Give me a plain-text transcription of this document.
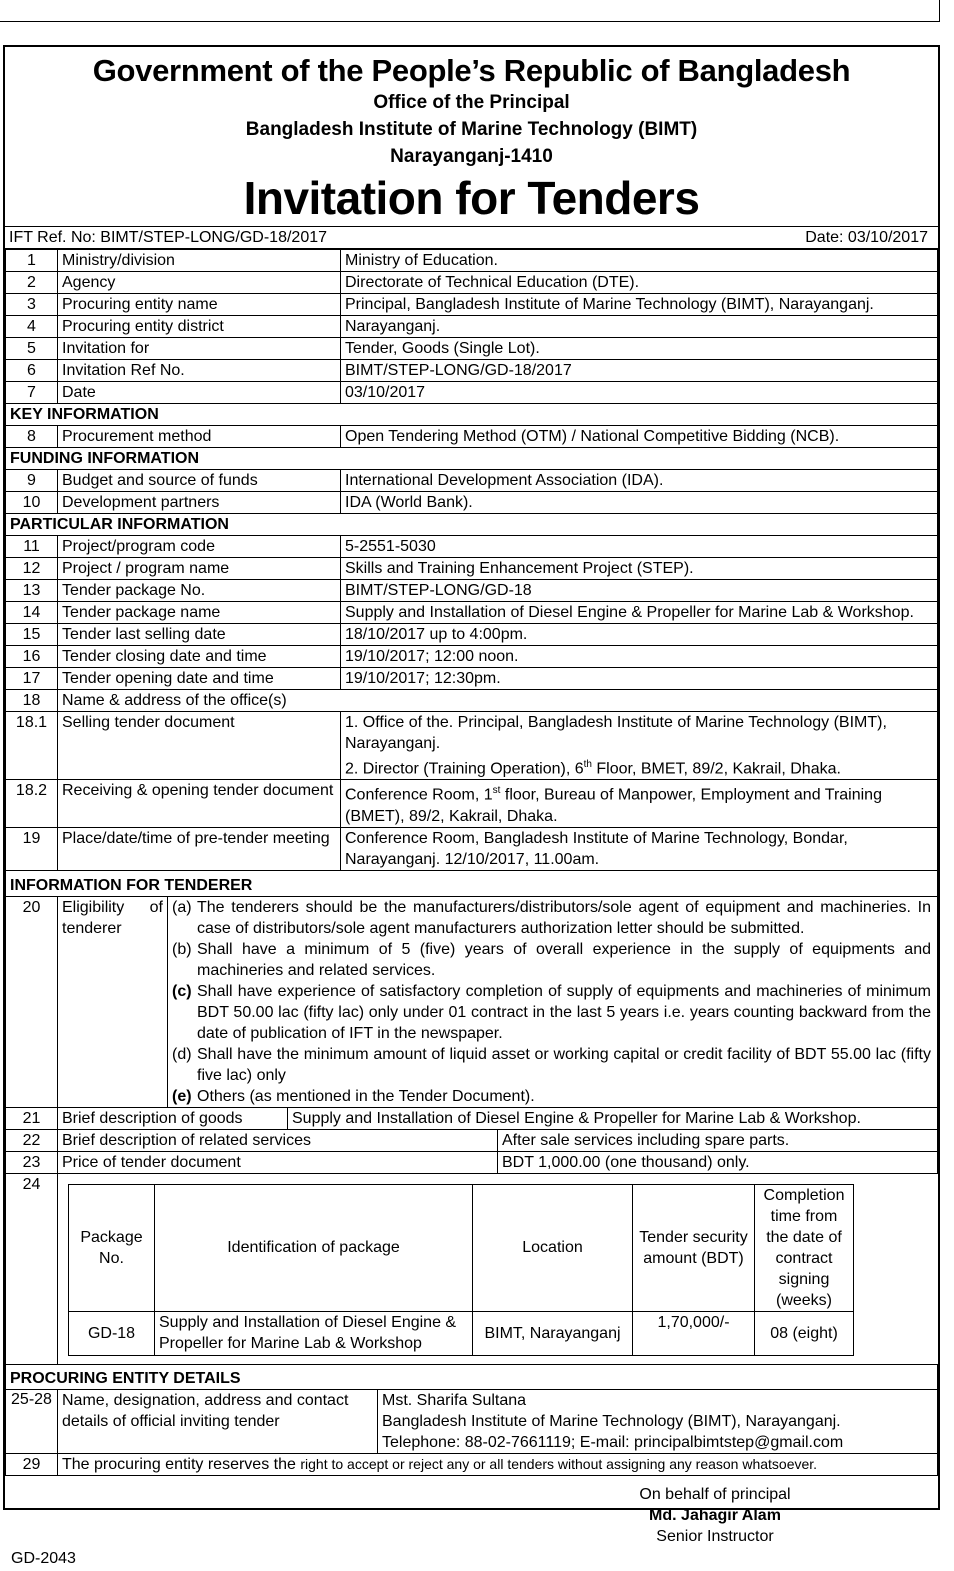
Government of the People’s Republic of Bangladesh
Office of the Principal
Bangladesh Institute of Marine Technology (BIMT)
Narayanganj-1410
Invitation for Tenders
IFT Ref. No: BIMT/STEP-LONG/GD-18/2017	Date: 03/10/2017
1	Ministry/division	Ministry of Education.
2	Agency	Directorate of Technical Education (DTE).
3	Procuring entity name	Principal, Bangladesh Institute of Marine Technology (BIMT), Narayanganj.
4	Procuring entity district	Narayanganj.
5	Invitation for	Tender, Goods (Single Lot).
6	Invitation Ref No.	BIMT/STEP-LONG/GD-18/2017
7	Date	03/10/2017
KEY INFORMATION		
8	Procurement method	Open Tendering Method (OTM) / National Competitive Bidding (NCB).
FUNDING INFORMATION		
9	Budget and source of funds	International Development Association (IDA).
10	Development partners	IDA (World Bank).
PARTICULAR INFORMATION		
11	Project/program code	5-2551-5030
12	Project / program name	Skills and Training Enhancement Project (STEP).
13	Tender package No.	BIMT/STEP-LONG/GD-18
14	Tender package name	Supply and Installation of Diesel Engine & Propeller for Marine Lab & Workshop.
15	Tender last selling date	18/10/2017 up to 4:00pm.
16	Tender closing date and time	19/10/2017; 12:00 noon.
17	Tender opening date and time	19/10/2017; 12:30pm.
18	Name & address of the office(s)	
18.1	Selling tender document	1. Office of the. Principal, Bangladesh Institute of Marine Technology (BIMT), Narayanganj.
2. Director (Training Operation), 6th Floor, BMET, 89/2, Kakrail, Dhaka.

18.2	Receiving & opening tender document	Conference Room, 1st floor, Bureau of Manpower, Employment and Training (BMET), 89/2, Kakrail, Dhaka.
19	Place/date/time of pre-tender meeting	Conference Room, Bangladesh Institute of Marine Technology, Bondar, Narayanganj. 12/10/2017, 11.00am.
INFORMATION FOR TENDERER		
20	Eligibility of tenderer	
(a) The tenderers should be the manufacturers/distributors/sole agent of equipment and machineries. In case of distributors/sole agent manufacturers authorization letter should be submitted.
(b) Shall have a minimum of 5 (five) years of overall experience in the supply of equipments and machineries and related services.
(c) Shall have experience of satisfactory completion of supply of equipments and machineries of minimum BDT 50.00 lac (fifty lac) only under 01 contract in the last 5 years i.e. years counting backward from the date of publication of IFT in the newspaper.
(d) Shall have the minimum amount of liquid asset or working capital or credit facility of BDT 55.00 lac (fifty five lac) only
(e) Others (as mentioned in the Tender Document).
21	Brief description of goods	Supply and Installation of Diesel Engine & Propeller for Marine Lab & Workshop.
22	Brief description of related services	After sale services including spare parts.
23	Price of tender document	BDT 1,000.00 (one thousand) only.
24	
Package No.	Identification of package	Location	Tender security amount (BDT)	Completion time from the date of contract signing (weeks)
GD-18	Supply and Installation of Diesel Engine & Propeller for Marine Lab & Workshop	BIMT, Narayanganj	1,70,000/-	08 (eight)

PROCURING ENTITY DETAILS		
25-28	Name, designation, address and contact details of official inviting tender	Mst. Sharifa Sultana
Bangladesh Institute of Marine Technology (BIMT), Narayanganj.
Telephone: 88-02-7661119; E-mail: principalbimtstep@gmail.com

29	The procuring entity reserves the right to accept or reject any or all tenders without assigning any reason whatsoever.	
On behalf of principal
Md. Jahagir Alam
Senior Instructor
GD-2043
